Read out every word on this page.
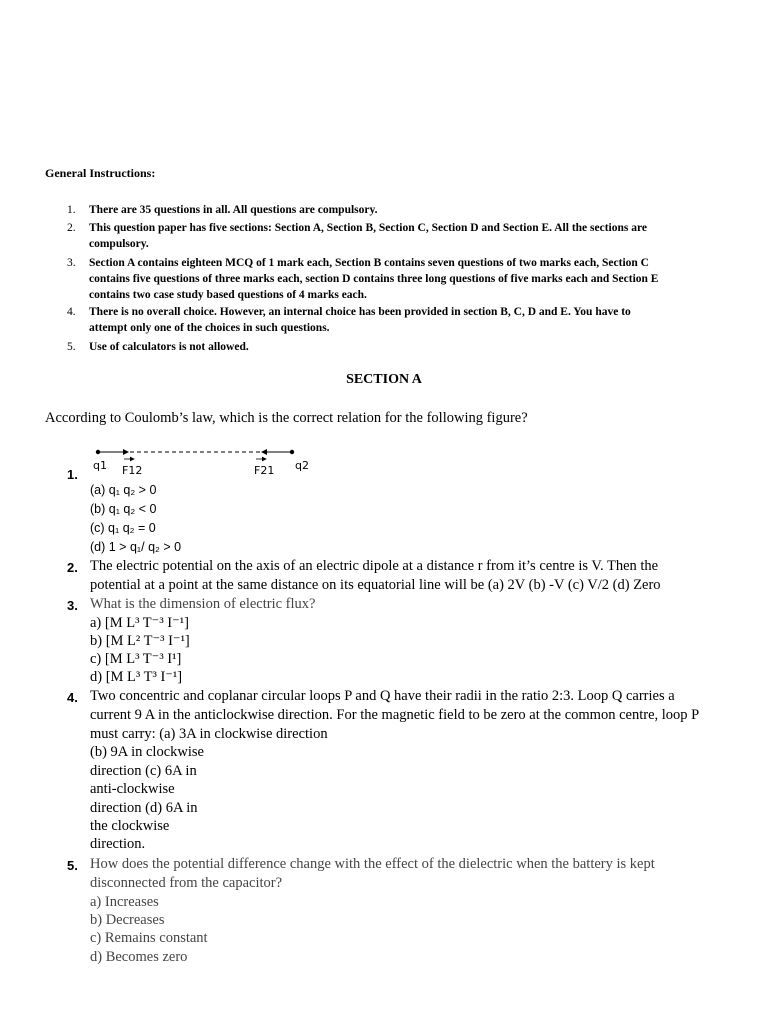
General Instructions:
1.	There are 35 questions in all. All questions are compulsory.
2.	This question paper has five sections: Section A, Section B, Section C, Section D and Section E. All the sections are
compulsory.
3.	Section A contains eighteen MCQ of 1 mark each, Section B contains seven questions of two marks each, Section C
contains five questions of three marks each, section D contains three long questions of five marks each and Section E
contains two case study based questions of 4 marks each.
4.	There is no overall choice. However, an internal choice has been provided in section B, C, D and E. You have to
attempt only one of the choices in such questions.
5.	Use of calculators is not allowed.
SECTION A
According to Coulomb’s law, which is the correct relation for the following figure?
q1 F12	F21 q2
1.
(a) q₁ q₂ > 0
(b) q₁ q₂ < 0
(c) q₁ q₂ = 0
(d) 1 > q₁/ q₂ > 0
2. The electric potential on the axis of an electric dipole at a distance r from it’s centre is V. Then the
potential at a point at the same distance on its equatorial line will be (a) 2V (b) -V (c) V/2 (d) Zero
3. What is the dimension of electric flux?
a) [M L³ T⁻³ I⁻¹]
b) [M L² T⁻³ I⁻¹]
c) [M L³ T⁻³ I¹]
d) [M L³ T³ I⁻¹]
4. Two concentric and coplanar circular loops P and Q have their radii in the ratio 2:3. Loop Q carries a
current 9 A in the anticlockwise direction. For the magnetic field to be zero at the common centre, loop P
must carry: (a) 3A in clockwise direction
(b) 9A in clockwise
direction (c) 6A in
anti-clockwise
direction (d) 6A in
the clockwise
direction.
5. How does the potential difference change with the effect of the dielectric when the battery is kept
disconnected from the capacitor?
a) Increases
b) Decreases
c) Remains constant
d) Becomes zero
